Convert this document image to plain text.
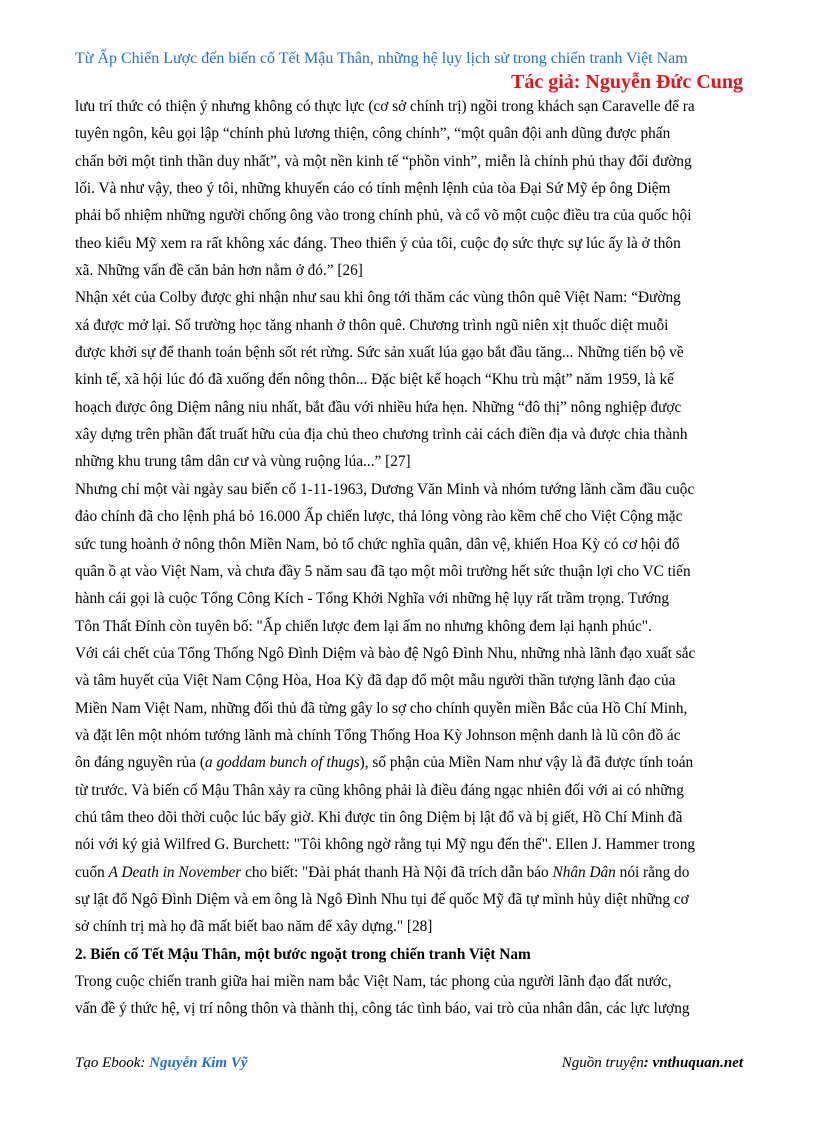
Từ Ấp Chiến Lược đến biến cố Tết Mậu Thân, những hệ lụy lịch sử trong chiến tranh Việt Nam
Tác giả: Nguyễn Đức Cung

lưu trí thức có thiện ý nhưng không có thực lực (cơ sở chính trị) ngồi trong khách sạn Caravelle để ra

tuyên ngôn, kêu gọi lập “chính phủ lương thiện, công chính”, “một quân đội anh dũng được phấn

chấn bởi một tinh thần duy nhất”, và một nền kinh tế “phồn vinh”, miễn là chính phủ thay đổi đường

lối. Và như vậy, theo ý tôi, những khuyến cáo có tính mệnh lệnh của tòa Đại Sứ Mỹ ép ông Diệm

phải bổ nhiệm những người chống ông vào trong chính phủ, và cổ võ một cuộc điều tra của quốc hội

theo kiểu Mỹ xem ra rất không xác đáng. Theo thiển ý của tôi, cuộc đọ sức thực sự lúc ấy là ở thôn

xã. Những vấn đề căn bản hơn nằm ở đó.” [26]

Nhận xét của Colby được ghi nhận như sau khi ông tới thăm các vùng thôn quê Việt Nam: “Đường

xá được mở lại. Số trường học tăng nhanh ở thôn quê. Chương trình ngũ niên xịt thuốc diệt muỗi

được khởi sự để thanh toán bệnh sốt rét rừng. Sức sản xuất lúa gạo bắt đầu tăng... Những tiến bộ về

kinh tế, xã hội lúc đó đã xuống đến nông thôn... Đặc biệt kế hoạch “Khu trù mật” năm 1959, là kế

hoạch được ông Diệm nâng niu nhất, bắt đầu với nhiều hứa hẹn. Những “đô thị” nông nghiệp được

xây dựng trên phần đất truất hữu của địa chủ theo chương trình cải cách điền địa và được chia thành

những khu trung tâm dân cư và vùng ruộng lúa...” [27]

Nhưng chỉ một vài ngày sau biến cố 1-11-1963, Dương Văn Minh và nhóm tướng lãnh cầm đầu cuộc

đảo chính đã cho lệnh phá bỏ 16.000 Ấp chiến lược, thả lỏng vòng rào kềm chế cho Việt Cộng mặc

sức tung hoành ở nông thôn Miền Nam, bỏ tổ chức nghĩa quân, dân vệ, khiến Hoa Kỳ có cơ hội đổ

quân ồ ạt vào Việt Nam, và chưa đầy 5 năm sau đã tạo một môi trường hết sức thuận lợi cho VC tiến

hành cái gọi là cuộc Tổng Công Kích - Tổng Khởi Nghĩa với những hệ lụy rất trầm trọng. Tướng

Tôn Thất Đính còn tuyên bố: "Ấp chiến lược đem lại ấm no nhưng không đem lại hạnh phúc".

Với cái chết của Tổng Thống Ngô Đình Diệm và bào đệ Ngô Đình Nhu, những nhà lãnh đạo xuất sắc

và tâm huyết của Việt Nam Cộng Hòa, Hoa Kỳ đã đạp đổ một mẫu người thần tượng lãnh đạo của

Miền Nam Việt Nam, những đối thủ đã từng gây lo sợ cho chính quyền miền Bắc của Hồ Chí Minh,

và đặt lên một nhóm tướng lãnh mà chính Tổng Thống Hoa Kỳ Johnson mệnh danh là lũ côn đồ ác

ôn đáng nguyền rủa (a goddam bunch of thugs), số phận của Miền Nam như vậy là đã được tính toán

từ trước. Và biến cố Mậu Thân xảy ra cũng không phải là điều đáng ngạc nhiên đối với ai có những

chú tâm theo dõi thời cuộc lúc bấy giờ. Khi được tin ông Diệm bị lật đổ và bị giết, Hồ Chí Minh đã

nói với ký giả Wilfred G. Burchett: "Tôi không ngờ rằng tụi Mỹ ngu đến thế". Ellen J. Hammer trong

cuốn A Death in November cho biết: "Đài phát thanh Hà Nội đã trích dẫn báo Nhân Dân nói rằng do

sự lật đổ Ngô Đình Diệm và em ông là Ngô Đình Nhu tụi đế quốc Mỹ đã tự mình hủy diệt những cơ

sở chính trị mà họ đã mất biết bao năm để xây dựng." [28]

2. Biến cố Tết Mậu Thân, một bước ngoặt trong chiến tranh Việt Nam

Trong cuộc chiến tranh giữa hai miền nam bắc Việt Nam, tác phong của người lãnh đạo đất nước,

vấn đề ý thức hệ, vị trí nông thôn và thành thị, công tác tình báo, vai trò của nhân dân, các lực lượng

Tạo Ebook: Nguyễn Kim Vỹ	Nguồn truyện: vnthuquan.net
